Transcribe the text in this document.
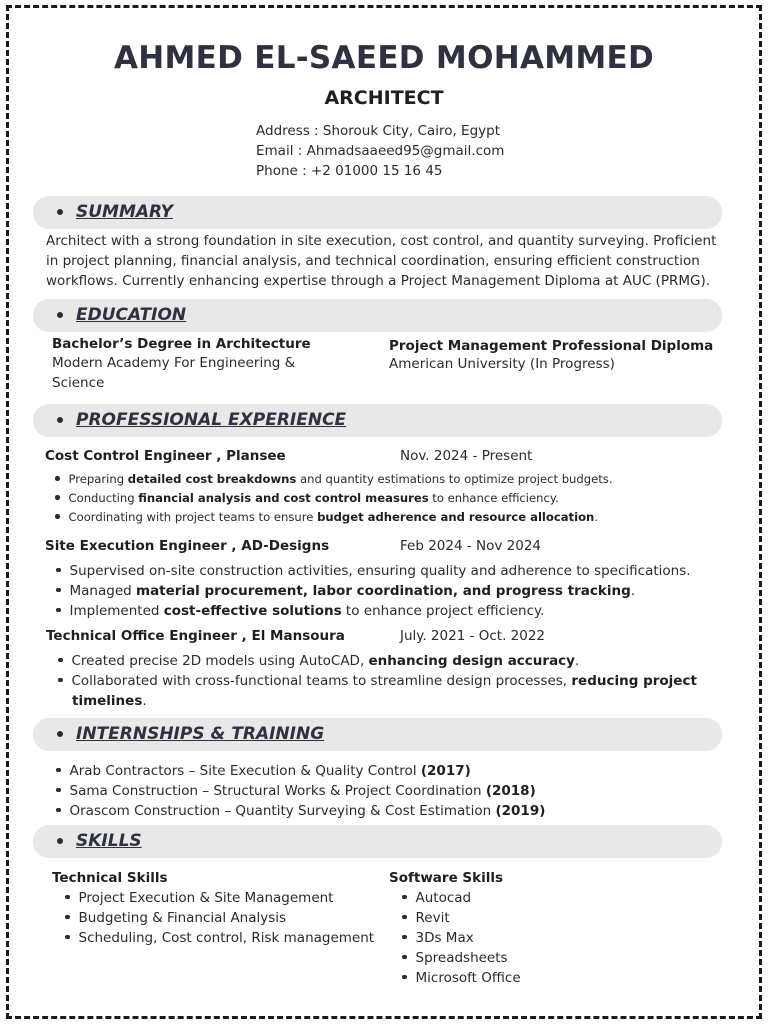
AHMED EL-SAEED MOHAMMED
ARCHITECT
Address : Shorouk City, Cairo, Egypt
Email : Ahmadsaaeed95@gmail.com
Phone : +2 01000 15 16 45
SUMMARY
Architect with a strong foundation in site execution, cost control, and quantity surveying. Proficient
in project planning, financial analysis, and technical coordination, ensuring efficient construction
workflows. Currently enhancing expertise through a Project Management Diploma at AUC (PRMG).
EDUCATION
Bachelor’s Degree in Architecture
Modern Academy For Engineering &
Science
Project Management Professional Diploma
American University (In Progress)
PROFESSIONAL EXPERIENCE
Cost Control Engineer , Plansee	Nov. 2024 - Present
Preparing detailed cost breakdowns and quantity estimations to optimize project budgets.
Conducting financial analysis and cost control measures to enhance efficiency.
Coordinating with project teams to ensure budget adherence and resource allocation.
Site Execution Engineer , AD-Designs	Feb 2024 - Nov 2024
Supervised on-site construction activities, ensuring quality and adherence to specifications.
Managed material procurement, labor coordination, and progress tracking.
Implemented cost-effective solutions to enhance project efficiency.
Technical Office Engineer , El Mansoura	July. 2021 - Oct. 2022
Created precise 2D models using AutoCAD, enhancing design accuracy.
Collaborated with cross-functional teams to streamline design processes, reducing project
timelines.
INTERNSHIPS & TRAINING
Arab Contractors – Site Execution & Quality Control (2017)
Sama Construction – Structural Works & Project Coordination (2018)
Orascom Construction – Quantity Surveying & Cost Estimation (2019)
SKILLS
Technical Skills
Project Execution & Site Management
Budgeting & Financial Analysis
Scheduling, Cost control, Risk management
Software Skills
Autocad
Revit
3Ds Max
Spreadsheets
Microsoft Office
